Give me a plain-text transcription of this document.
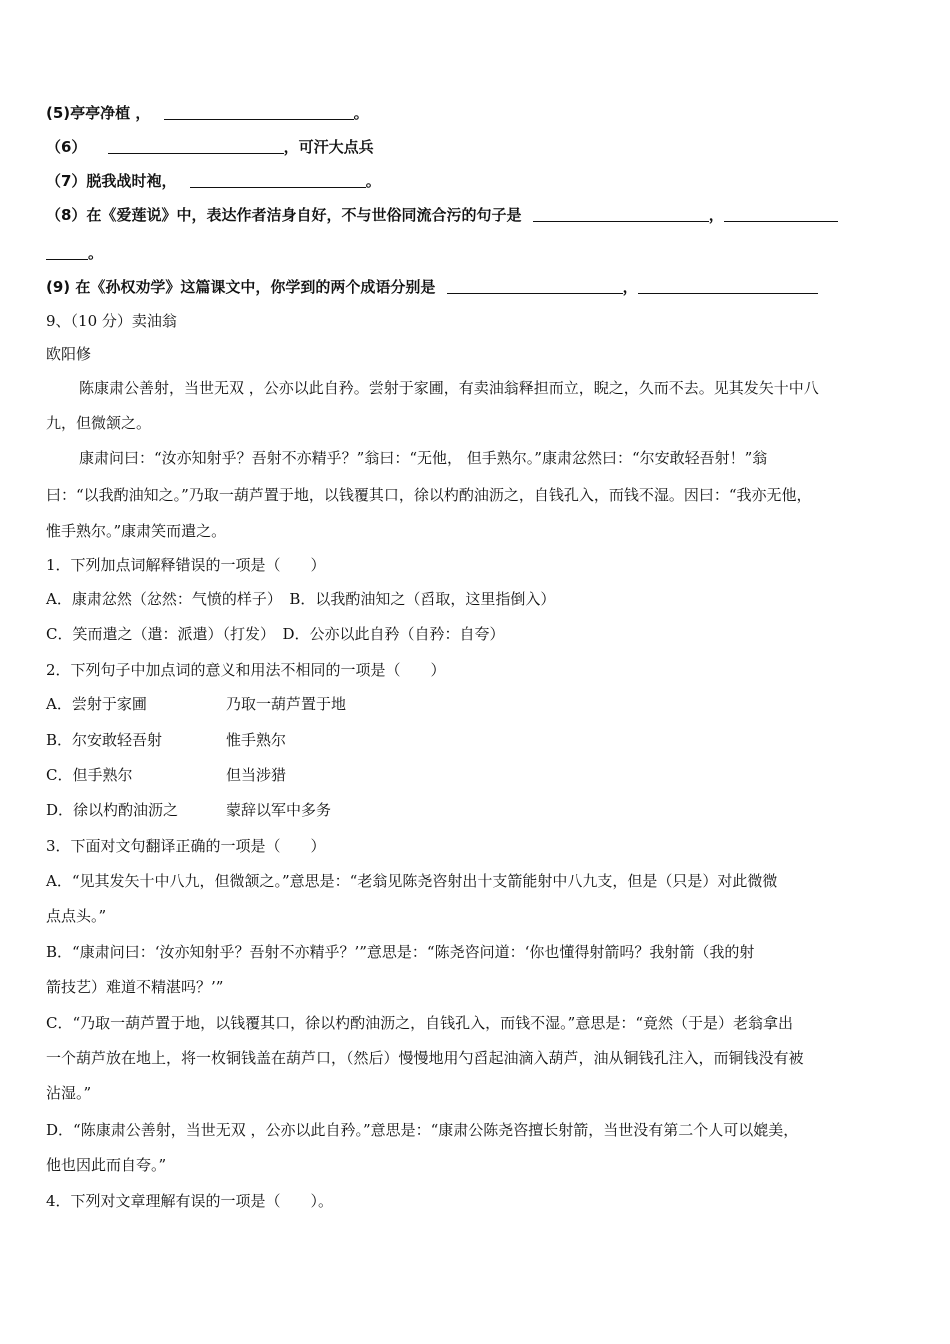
(5)亭亭净植 ，	。
（6）	，可汗大点兵
（7）脱我战时袍，	。
（8）在《爱莲说》中，表达作者洁身自好，不与世俗同流合污的句子是	，
。
(9) 在《孙权劝学》这篇课文中，你学到的两个成语分别是	，
9、（10 分）卖油翁
欧阳修
陈康肃公善射，当世无双 ，公亦以此自矜。尝射于家圃，有卖油翁释担而立，睨之，久而不去。见其发矢十中八
九，但微颔之。
康肃问曰：“汝亦知射乎？吾射不亦精乎？”翁曰：“无他， 但手熟尔。”康肃忿然曰：“尔安敢轻吾射！”翁
曰：“以我酌油知之。”乃取一葫芦置于地，以钱覆其口，徐以杓酌油沥之，自钱孔入，而钱不湿。因曰：“我亦无他，
惟手熟尔。”康肃笑而遣之。
1．下列加点词解释错误的一项是（　　）
A．康肃忿然（忿然：气愤的样子）　B．以我酌油知之（舀取，这里指倒入）
C．笑而遣之（遣：派遣）（打发）　D．公亦以此自矜（自矜：自夸）
2．下列句子中加点词的意义和用法不相同的一项是（　　）
A．尝射于家圃	乃取一葫芦置于地
B．尔安敢轻吾射	惟手熟尔
C．但手熟尔	但当涉猎
D．徐以杓酌油沥之	蒙辞以军中多务
3．下面对文句翻译正确的一项是（　　）
A．“见其发矢十中八九，但微颔之。”意思是：“老翁见陈尧咨射出十支箭能射中八九支，但是（只是）对此微微
点点头。”
B．“康肃问曰：‘汝亦知射乎？吾射不亦精乎？’”意思是：“陈尧咨问道：‘你也懂得射箭吗？我射箭（我的射
箭技艺）难道不精湛吗？’”
C．“乃取一葫芦置于地，以钱覆其口，徐以杓酌油沥之，自钱孔入，而钱不湿。”意思是：“竟然（于是）老翁拿出
一个葫芦放在地上，将一枚铜钱盖在葫芦口，（然后）慢慢地用勺舀起油滴入葫芦，油从铜钱孔注入，而铜钱没有被
沾湿。”
D．“陈康肃公善射，当世无双 ，公亦以此自矜。”意思是：“康肃公陈尧咨擅长射箭，当世没有第二个人可以媲美，
他也因此而自夸。”
4．下列对文章理解有误的一项是（　　）。
